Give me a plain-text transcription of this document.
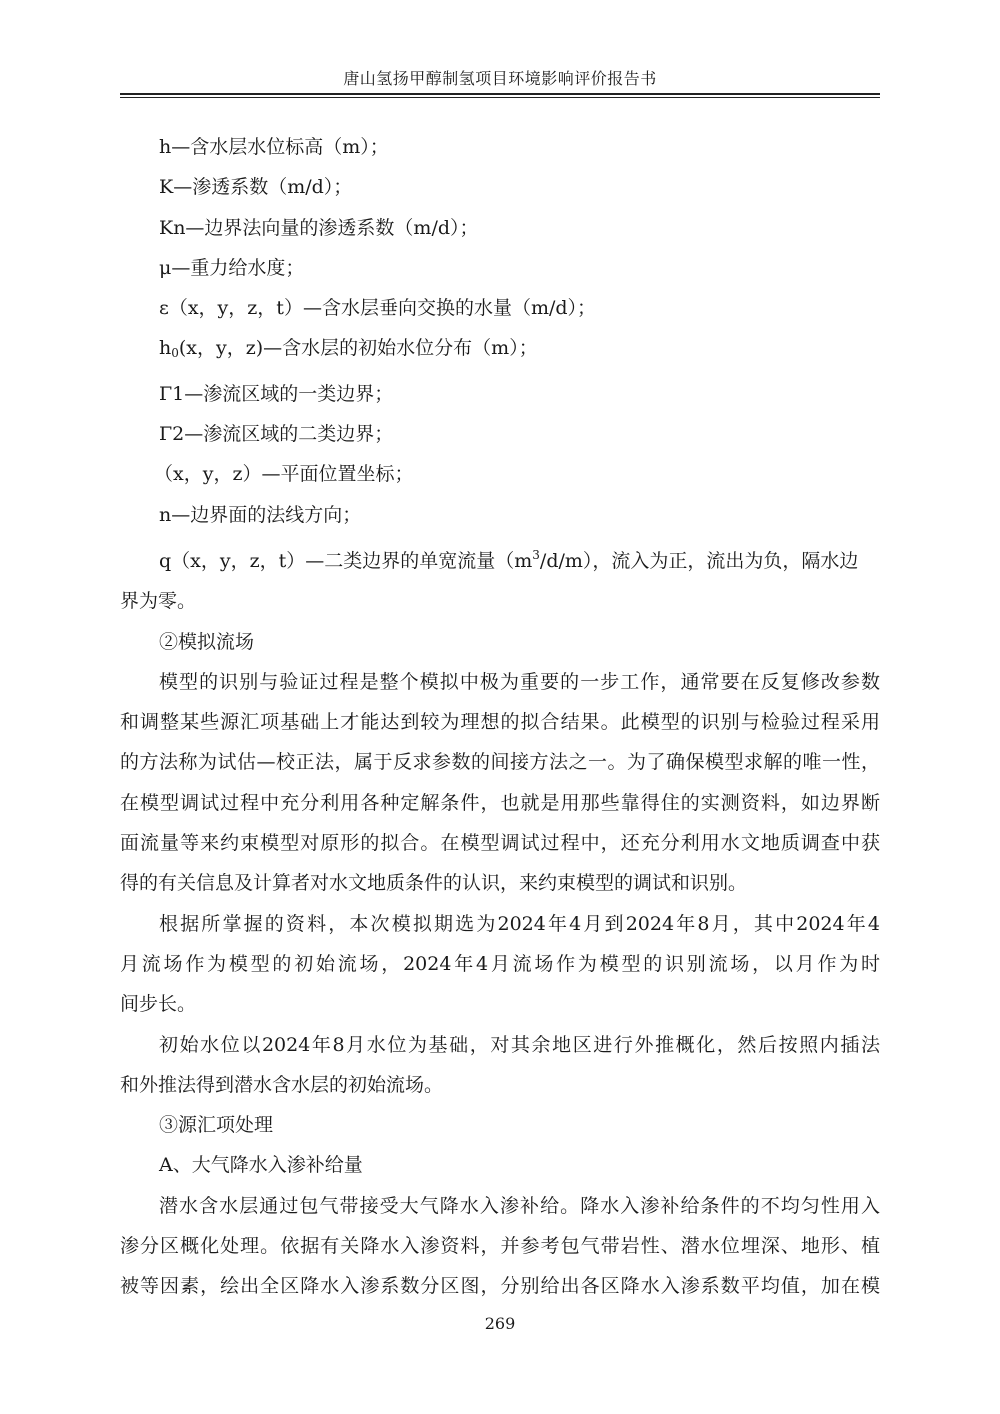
唐山氢扬甲醇制氢项目环境影响评价报告书

h—含水层水位标高（m）；

K—渗透系数（m/d）；

Kn—边界法向量的渗透系数（m/d）；

μ—重力给水度；

ε（x，y，z，t）—含水层垂向交换的水量（m/d）；

$h_0(x$，y，z)—含水层的初始水位分布（m）；

Γ1—渗流区域的一类边界；

Γ2—渗流区域的二类边界；

（x，y，z）—平面位置坐标；

n—边界面的法线方向；

q（x，y，z，t）—二类边界的单宽流量$(m^3/d/m)$，流入为正，流出为负，隔水边

界为零。

②模拟流场

模型的识别与验证过程是整个模拟中极为重要的一步工作，通常要在反复修改参数

和调整某些源汇项基础上才能达到较为理想的拟合结果。此模型的识别与检验过程采用

的方法称为试估—校正法，属于反求参数的间接方法之一。为了确保模型求解的唯一性，

在模型调试过程中充分利用各种定解条件，也就是用那些靠得住的实测资料，如边界断

面流量等来约束模型对原形的拟合。在模型调试过程中，还充分利用水文地质调查中获

得的有关信息及计算者对水文地质条件的认识，来约束模型的调试和识别。

根据所掌握的资料，本次模拟期选为2024年4月到2024年8月，其中2024年4

月流场作为模型的初始流场，2024年4月流场作为模型的识别流场，以月作为时

间步长。

初始水位以2024年8月水位为基础，对其余地区进行外推概化，然后按照内插法

和外推法得到潜水含水层的初始流场。

③源汇项处理

A、大气降水入渗补给量

潜水含水层通过包气带接受大气降水入渗补给。降水入渗补给条件的不均匀性用入

渗分区概化处理。依据有关降水入渗资料，并参考包气带岩性、潜水位埋深、地形、植

被等因素，绘出全区降水入渗系数分区图，分别给出各区降水入渗系数平均值，加在模

269
